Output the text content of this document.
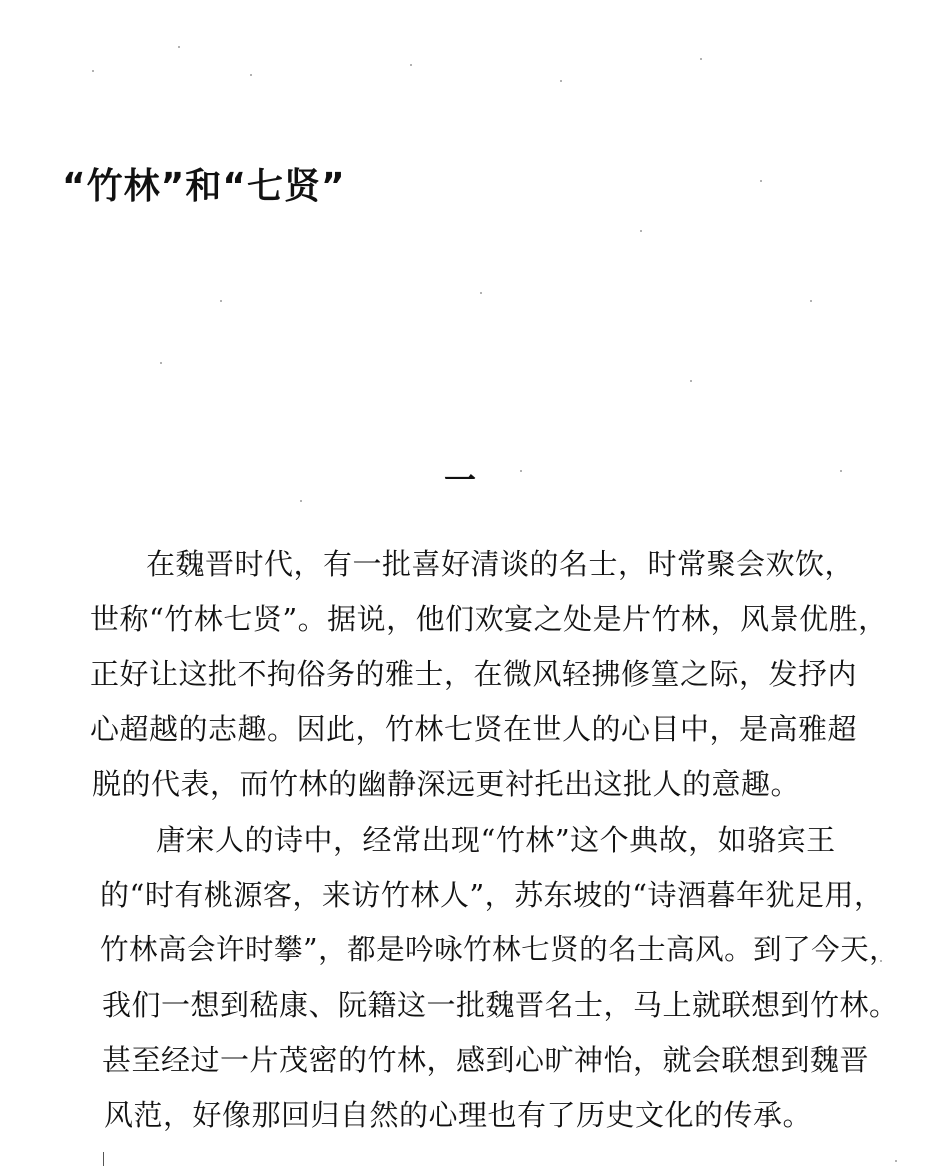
“竹林”和“七贤”
一
在魏晋时代，有一批喜好清谈的名士，时常聚会欢饮，
世称“竹林七贤”。据说，他们欢宴之处是片竹林，风景优胜，
正好让这批不拘俗务的雅士，在微风轻拂修篁之际，发抒内
心超越的志趣。因此，竹林七贤在世人的心目中，是高雅超
脱的代表，而竹林的幽静深远更衬托出这批人的意趣。
唐宋人的诗中，经常出现“竹林”这个典故，如骆宾王
的“时有桃源客，来访竹林人”，苏东坡的“诗酒暮年犹足用，
竹林高会许时攀”，都是吟咏竹林七贤的名士高风。到了今天，
我们一想到嵇康、阮籍这一批魏晋名士，马上就联想到竹林。
甚至经过一片茂密的竹林，感到心旷神怡，就会联想到魏晋
风范，好像那回归自然的心理也有了历史文化的传承。
